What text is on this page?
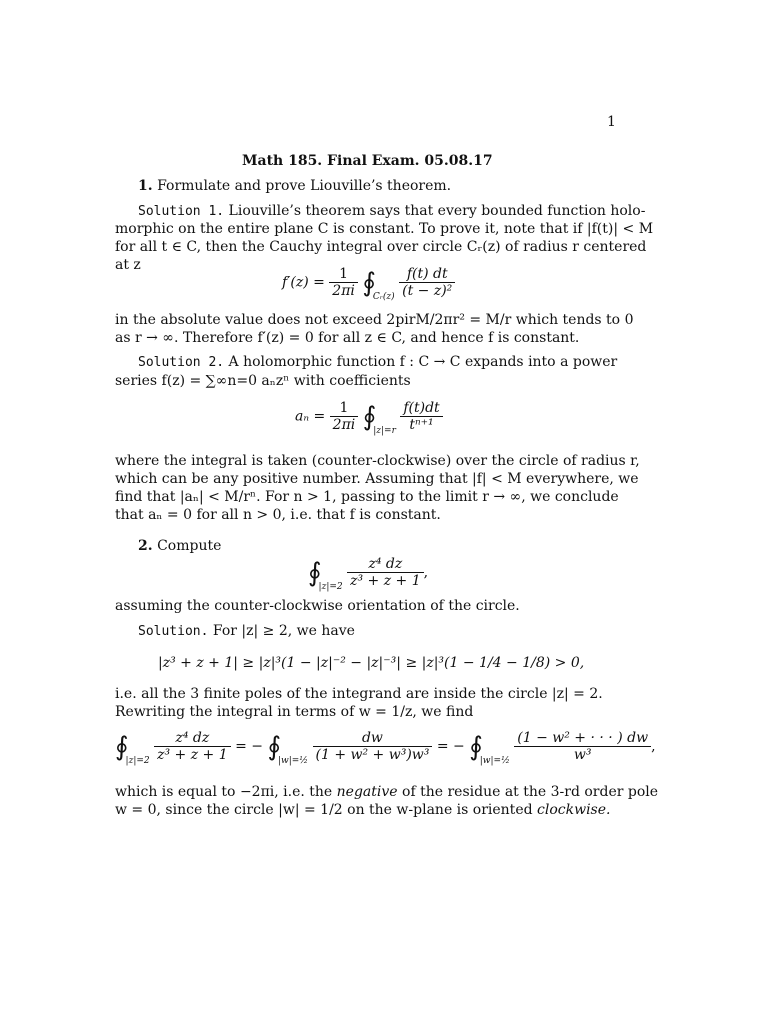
1
Math 185. Final Exam. 05.08.17
1. Formulate and prove Liouville’s theorem.
Solution 1. Liouville’s theorem says that every bounded function holo-
morphic on the entire plane C is constant. To prove it, note that if |f(t)| < M
for all t ∈ C, then the Cauchy integral over circle Cᵣ(z) of radius r centered
at z
$f'(z) = \frac{1}{2\pi i}$ $∮_{Cᵣ(z)} \frac{f(t) dt}{\text{(t − z)²}}$
in the absolute value does not exceed 2pirM/2πr² = M/r which tends to 0
as r → ∞. Therefore f′(z) = 0 for all z ∈ C, and hence f is constant.
Solution 2. A holomorphic function f : C → C expands into a power
series f(z) = ∑∞n=0 aₙzⁿ with coefficients
$a_n = \frac{1}{2\pi i}$ $∮_{|z|=r} \frac{f(t)dt}{\text{tⁿ⁺¹}}$
where the integral is taken (counter-clockwise) over the circle of radius r,
which can be any positive number. Assuming that |f| < M everywhere, we
find that |aₙ| < M/rⁿ. For n > 1, passing to the limit r → ∞, we conclude
that aₙ = 0 for all n > 0, i.e. that f is constant.
2. Compute
$∮_{|z|=2} \frac{\text{z⁴ dz}}{\text{z³ + z + 1}}$ ,
assuming the counter-clockwise orientation of the circle.
Solution. For |z| ≥ 2, we have
|z³ + z + 1| ≥ |z|³(1 − |z|⁻² − |z|⁻³| ≥ |z|³(1 − 1/4 − 1/8) > 0,
i.e. all the 3 finite poles of the integrand are inside the circle |z| = 2.
Rewriting the integral in terms of w = 1/z, we find
$∮_{|z|=2} \frac{\text{z⁴ dz}}{\text{z³ + z + 1}}$ = − $∮_{|w|=\frac{1}{2}} \frac{dw}{\text{(1 + w² + w³)w³}}$ = − $∮_{|w|=\frac{1}{2}} \frac{\text{(1 − w² + · · · ) dw}}{\text{w³}}$ ,
which is equal to −2πi, i.e. the negative of the residue at the 3-rd order pole
w = 0, since the circle |w| = 1/2 on the w-plane is oriented clockwise.
